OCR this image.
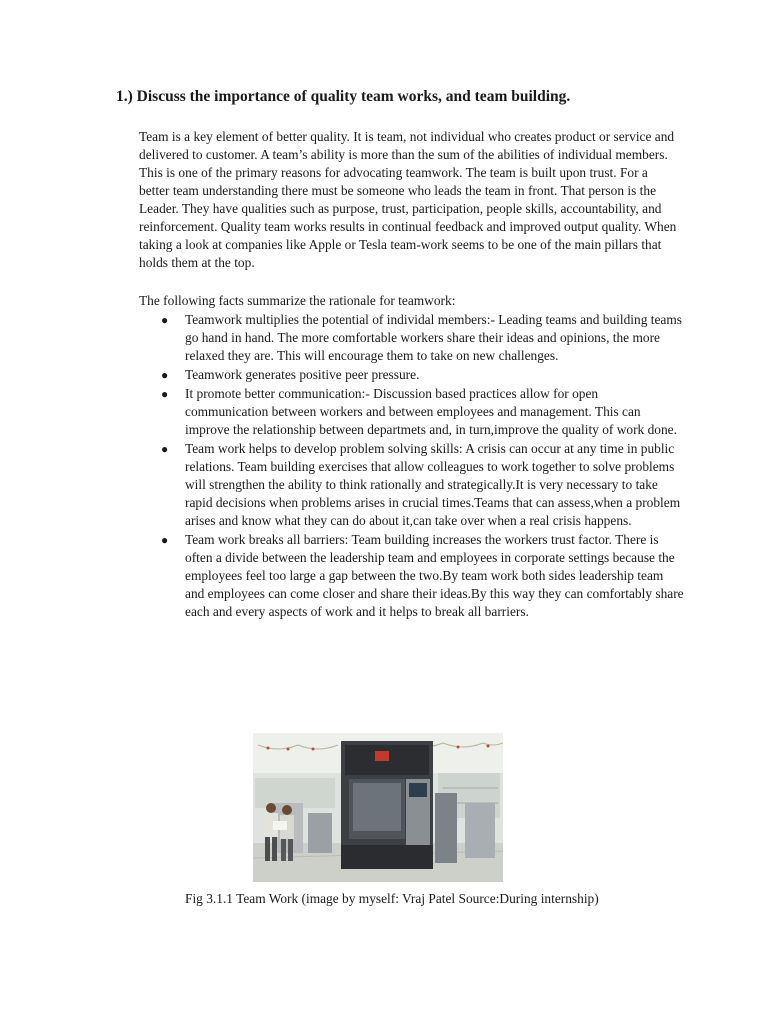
1.) Discuss the importance of quality team works, and team building.

Team is a key element of better quality. It is team, not individual who creates product or service and delivered to customer. A team’s ability is more than the sum of the abilities of individual members. This is one of the primary reasons for advocating teamwork. The team is built upon trust. For a better team understanding there must be someone who leads the team in front. That person is the Leader. They have qualities such as purpose, trust, participation, people skills, accountability, and reinforcement. Quality team works results in continual feedback and improved output quality. When taking a look at companies like Apple or Tesla team-work seems to be one of the main pillars that holds them at the top.

The following facts summarize the rationale for teamwork:

● Teamwork multiplies the potential of individal members:- Leading teams and building teams go hand in hand. The more comfortable workers share their ideas and opinions, the more relaxed they are. This will encourage them to take on new challenges.
● Teamwork generates positive peer pressure.
● It promote better communication:- Discussion based practices allow for open communication between workers and between employees and management. This can improve the relationship between departmets and, in turn,improve the quality of work done.
● Team work helps to develop problem solving skills: A crisis can occur at any time in public relations. Team building exercises that allow colleagues to work together to solve problems will strengthen the ability to think rationally and strategically.It is very necessary to take rapid decisions when problems arises in crucial times.Teams that can assess,when a problem arises and know what they can do about it,can take over when a real crisis happens.
● Team work breaks all barriers: Team building increases the workers trust factor. There is often a divide between the leadership team and employees in corporate settings because the employees feel too large a gap between the two.By team work both sides leadership team and employees can come closer and share their ideas.By this way they can comfortably share each and every aspects of work and it helps to break all barriers.

Fig 3.1.1 Team Work (image by myself: Vraj Patel Source:During internship)
